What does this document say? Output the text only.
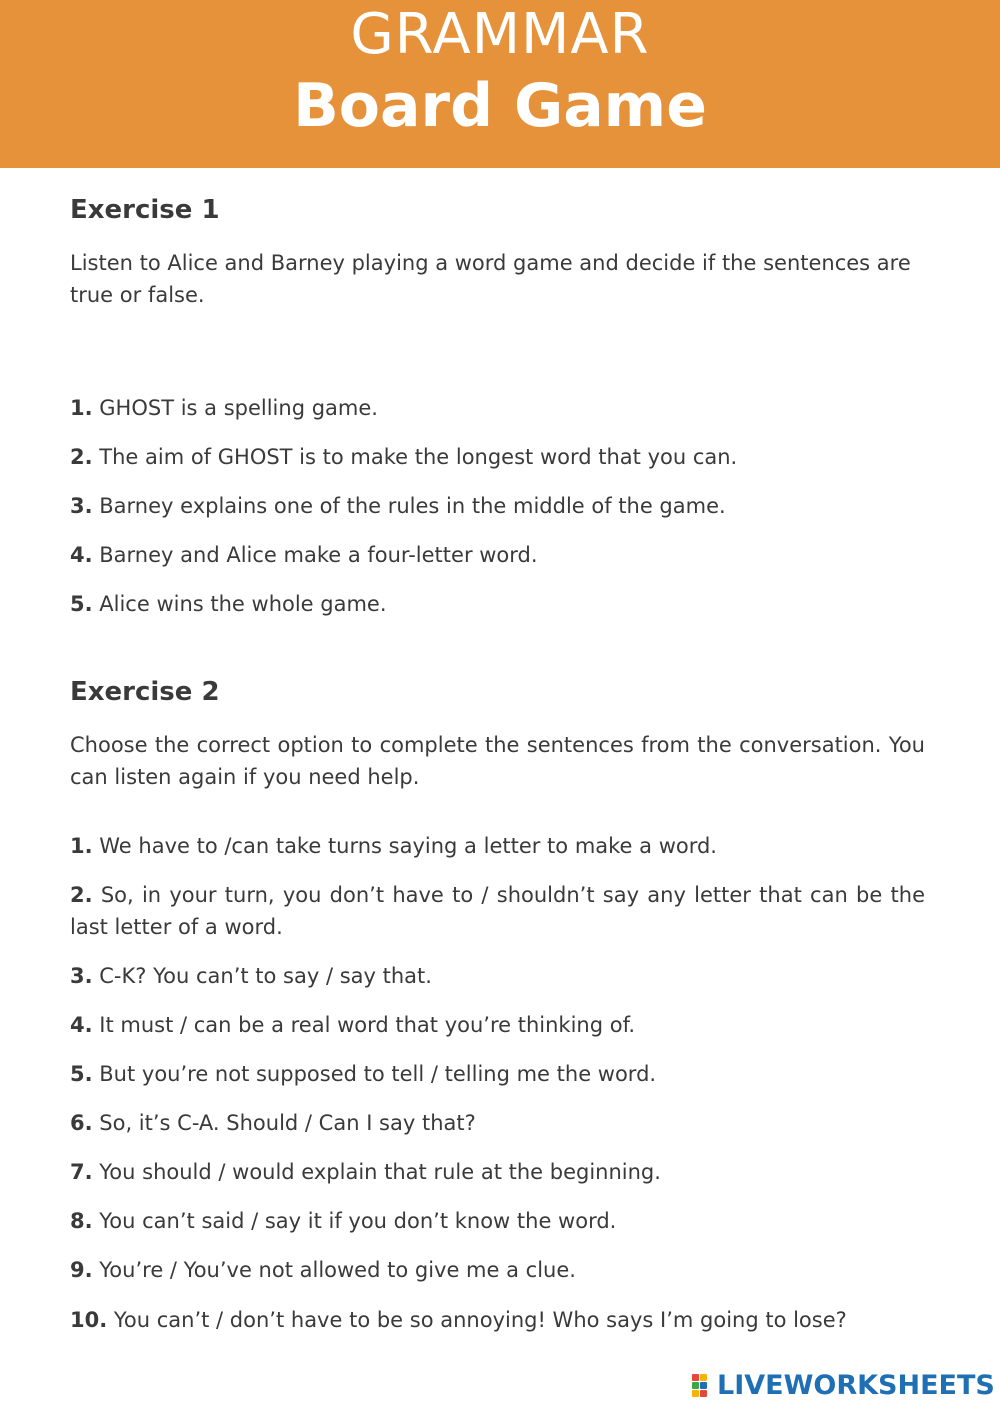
GRAMMAR
Board Game
Exercise 1
Listen to Alice and Barney playing a word game and decide if the sentences are true or false.
1. GHOST is a spelling game.
2. The aim of GHOST is to make the longest word that you can.
3. Barney explains one of the rules in the middle of the game.
4. Barney and Alice make a four-letter word.
5. Alice wins the whole game.
Exercise 2
Choose the correct option to complete the sentences from the conversation. You can listen again if you need help.
1. We have to /can take turns saying a letter to make a word.
2. So, in your turn, you don’t have to / shouldn’t say any letter that can be the last letter of a word.
3. C-K? You can’t to say / say that.
4. It must / can be a real word that you’re thinking of.
5. But you’re not supposed to tell / telling me the word.
6. So, it’s C-A. Should / Can I say that?
7. You should / would explain that rule at the beginning.
8. You can’t said / say it if you don’t know the word.
9. You’re / You’ve not allowed to give me a clue.
10. You can’t / don’t have to be so annoying! Who says I’m going to lose?
LIVEWORKSHEETS
